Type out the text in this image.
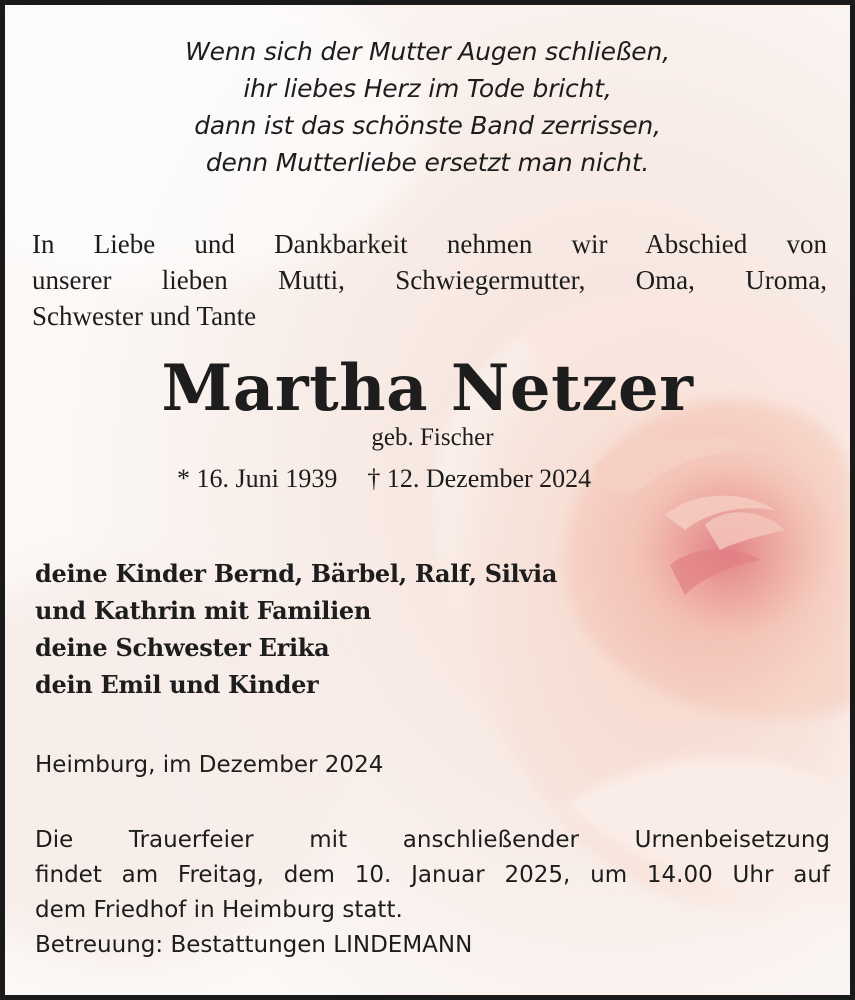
Wenn sich der Mutter Augen schließen,
ihr liebes Herz im Tode bricht,
dann ist das schönste Band zerrissen,
denn Mutterliebe ersetzt man nicht.
In Liebe und Dankbarkeit nehmen wir Abschied von
unserer lieben Mutti, Schwiegermutter, Oma, Uroma,
Schwester und Tante
Martha Netzer
geb. Fischer
* 16. Juni 1939 † 12. Dezember 2024
deine Kinder Bernd, Bärbel, Ralf, Silvia
und Kathrin mit Familien
deine Schwester Erika
dein Emil und Kinder
Heimburg, im Dezember 2024
Die Trauerfeier mit anschließender Urnenbeisetzung
findet am Freitag, dem 10. Januar 2025, um 14.00 Uhr auf
dem Friedhof in Heimburg statt.
Betreuung: Bestattungen LINDEMANN
